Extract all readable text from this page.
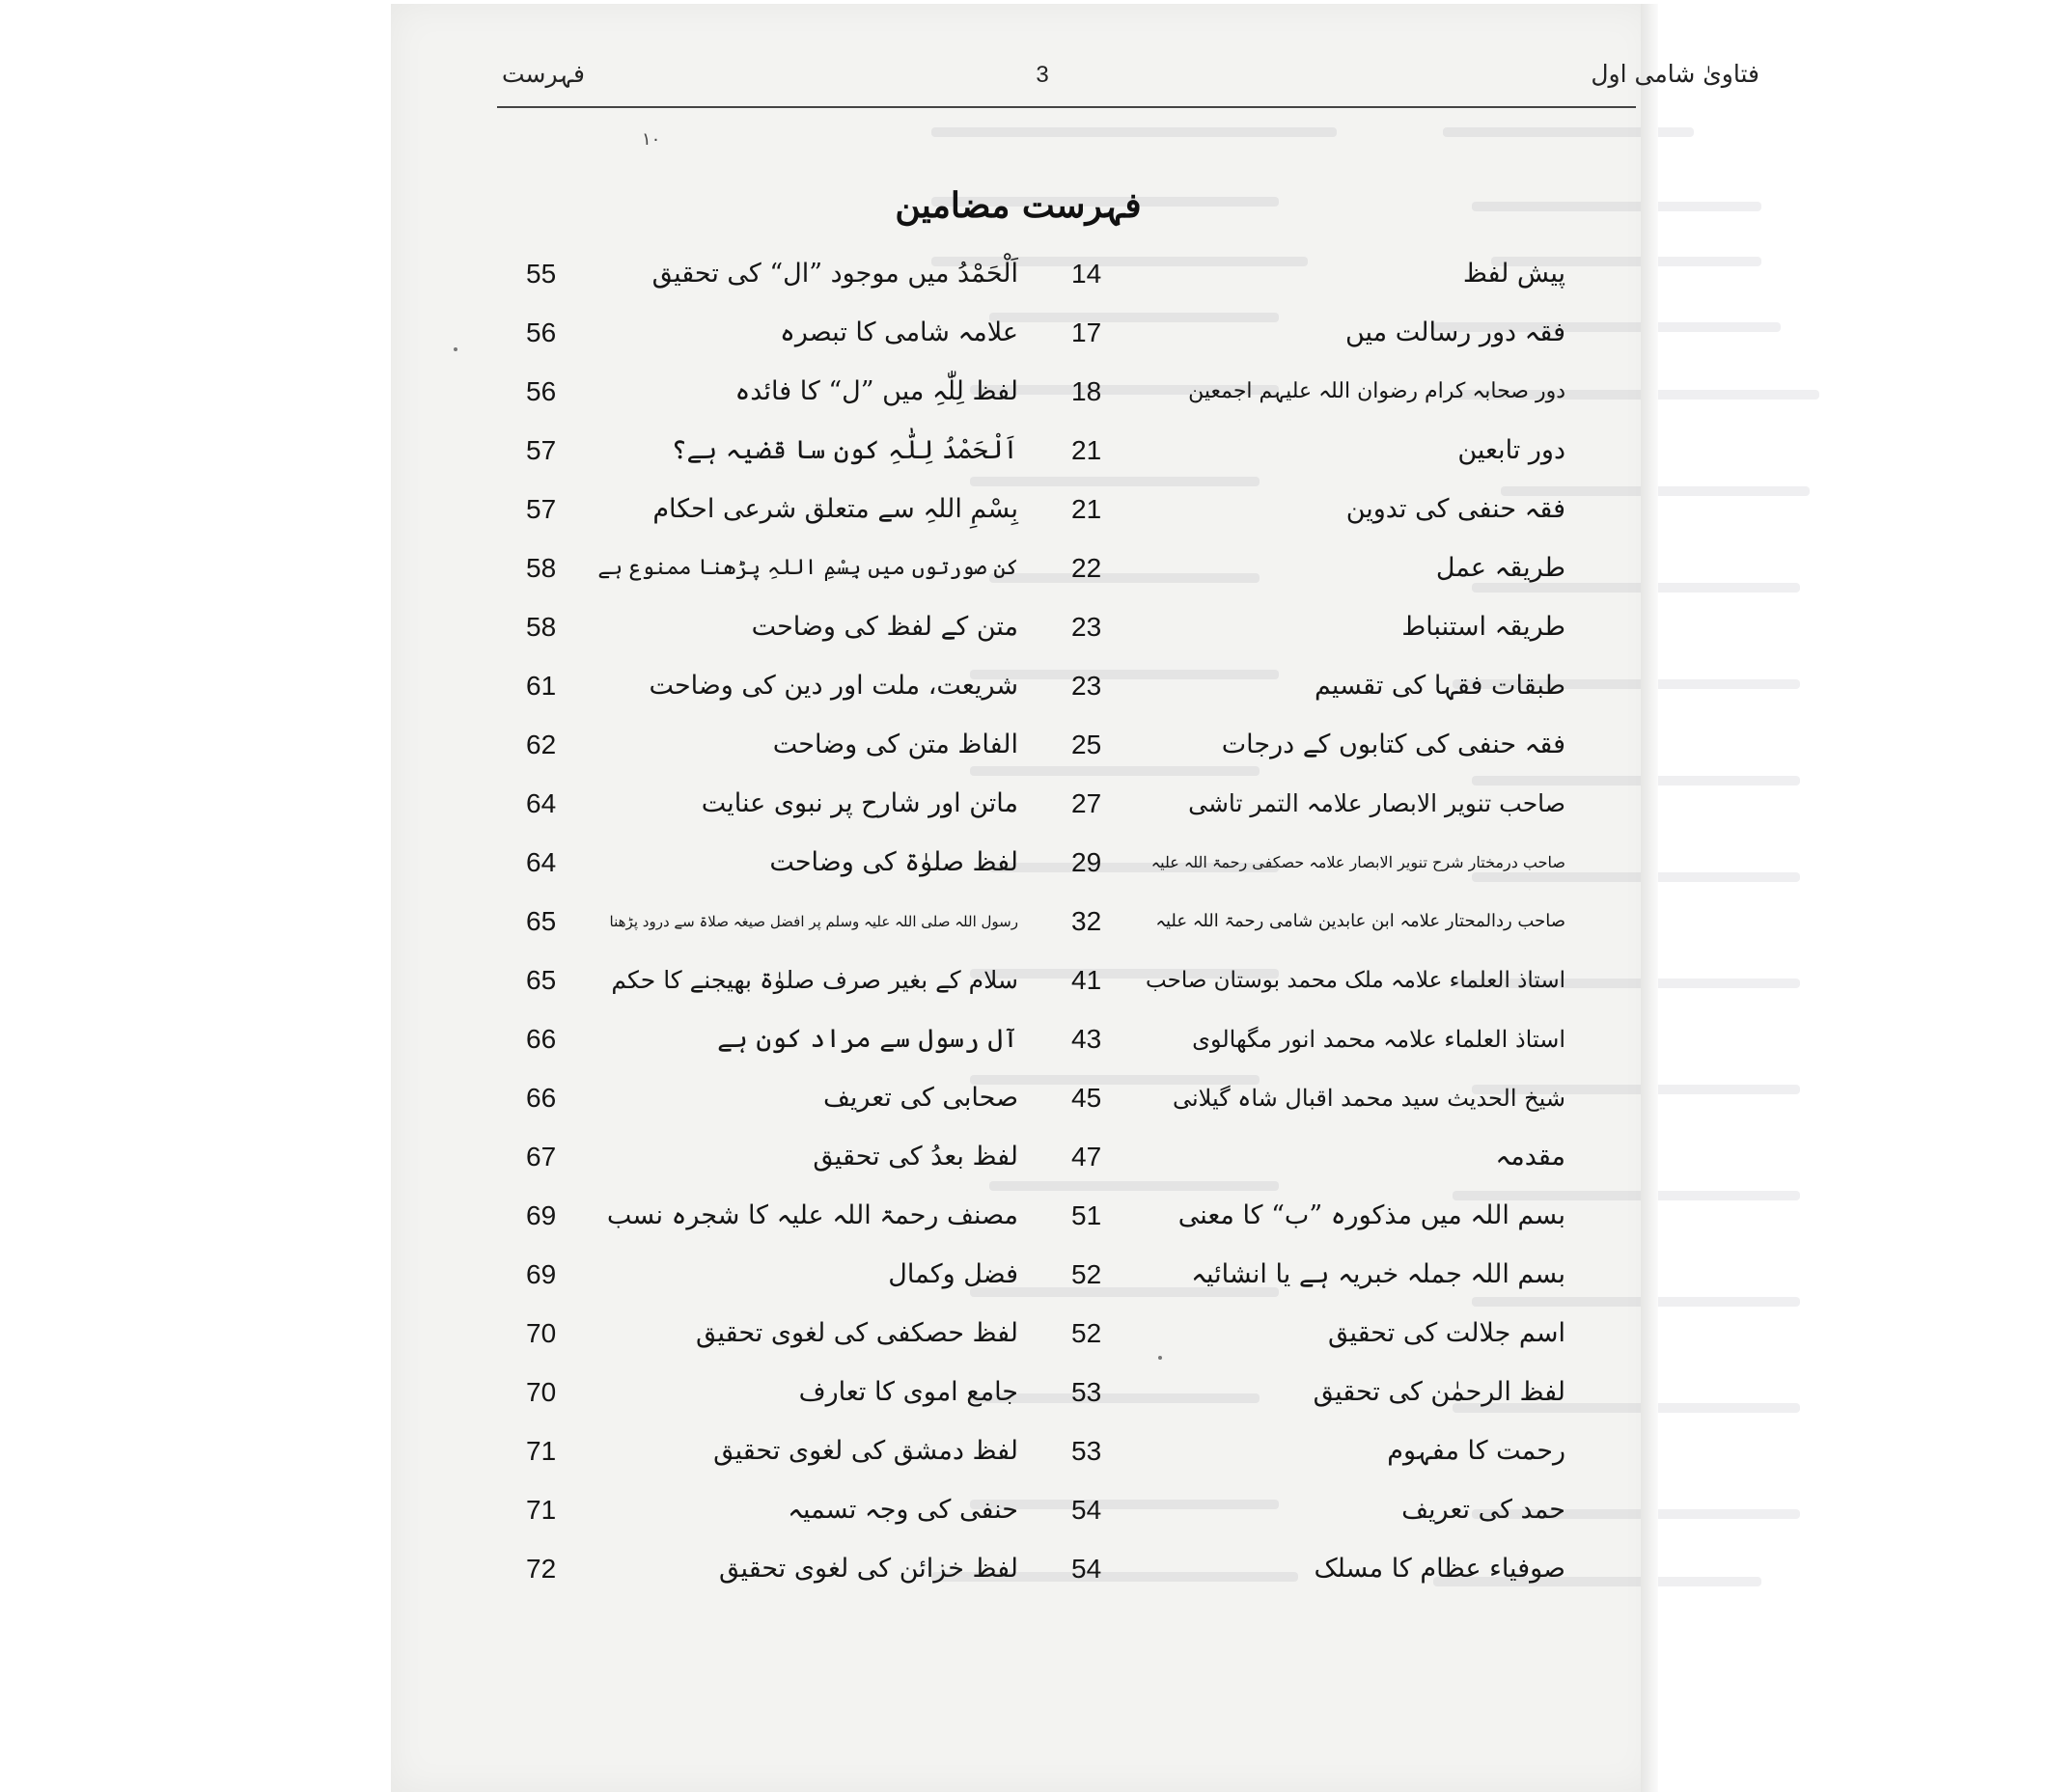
فتاویٰ شامی اول
3
فہرست
۱۰
فہرست مضامین
14	پیش لفظ
17	فقہ دور رسالت میں
18	دور صحابہ کرام رضوان اللہ علیہم اجمعین
21	دور تابعین
21	فقہ حنفی کی تدوین
22	طریقہ عمل
23	طریقہ استنباط
23	طبقات فقہا کی تقسیم
25	فقہ حنفی کی کتابوں کے درجات
27	صاحب تنویر الابصار علامہ التمر تاشی
29	صاحب درمختار شرح تنویر الابصار علامہ حصکفی رحمۃ اللہ علیہ
32	صاحب ردالمحتار علامہ ابن عابدین شامی رحمۃ اللہ علیہ
41	استاذ العلماء علامہ ملک محمد بوستان صاحب
43	استاذ العلماء علامہ محمد انور مگھالوی
45	شیخ الحدیث سید محمد اقبال شاہ گیلانی
47	مقدمہ
51	بسم اللہ میں مذکورہ ”ب“ کا معنی
52	بسم اللہ جملہ خبریہ ہے یا انشائیہ
52	اسم جلالت کی تحقیق
53	لفظ الرحمٰن کی تحقیق
53	رحمت کا مفہوم
54	حمد کی تعریف
54	صوفیاء عظام کا مسلک
55	اَلْحَمْدُ میں موجود ”ال“ کی تحقیق
56	علامہ شامی کا تبصرہ
56	لفظ لِلّٰہِ میں ”ل“ کا فائدہ
57	اَلْحَمْدُ لِلّٰہِ کون سا قضیہ ہے؟
57	بِسْمِ اللہِ سے متعلق شرعی احکام
58	کن صورتوں میں بِسْمِ اللہِ پڑھنا ممنوع ہے
58	متن کے لفظ کی وضاحت
61	شریعت، ملت اور دین کی وضاحت
62	الفاظ متن کی وضاحت
64	ماتن اور شارح پر نبوی عنایت
64	لفظ صلوٰۃ کی وضاحت
65	رسول اللہ صلی اللہ علیہ وسلم پر افضل صیغہ صلاۃ سے درود پڑھنا
65	سلام کے بغیر صرف صلوٰۃ بھیجنے کا حکم
66	آل رسول سے مراد کون ہے
66	صحابی کی تعریف
67	لفظ بعدُ کی تحقیق
69	مصنف رحمۃ اللہ علیہ کا شجرہ نسب
69	فضل وکمال
70	لفظ حصکفی کی لغوی تحقیق
70	جامع اموی کا تعارف
71	لفظ دمشق کی لغوی تحقیق
71	حنفی کی وجہ تسمیہ
72	لفظ خزائن کی لغوی تحقیق
